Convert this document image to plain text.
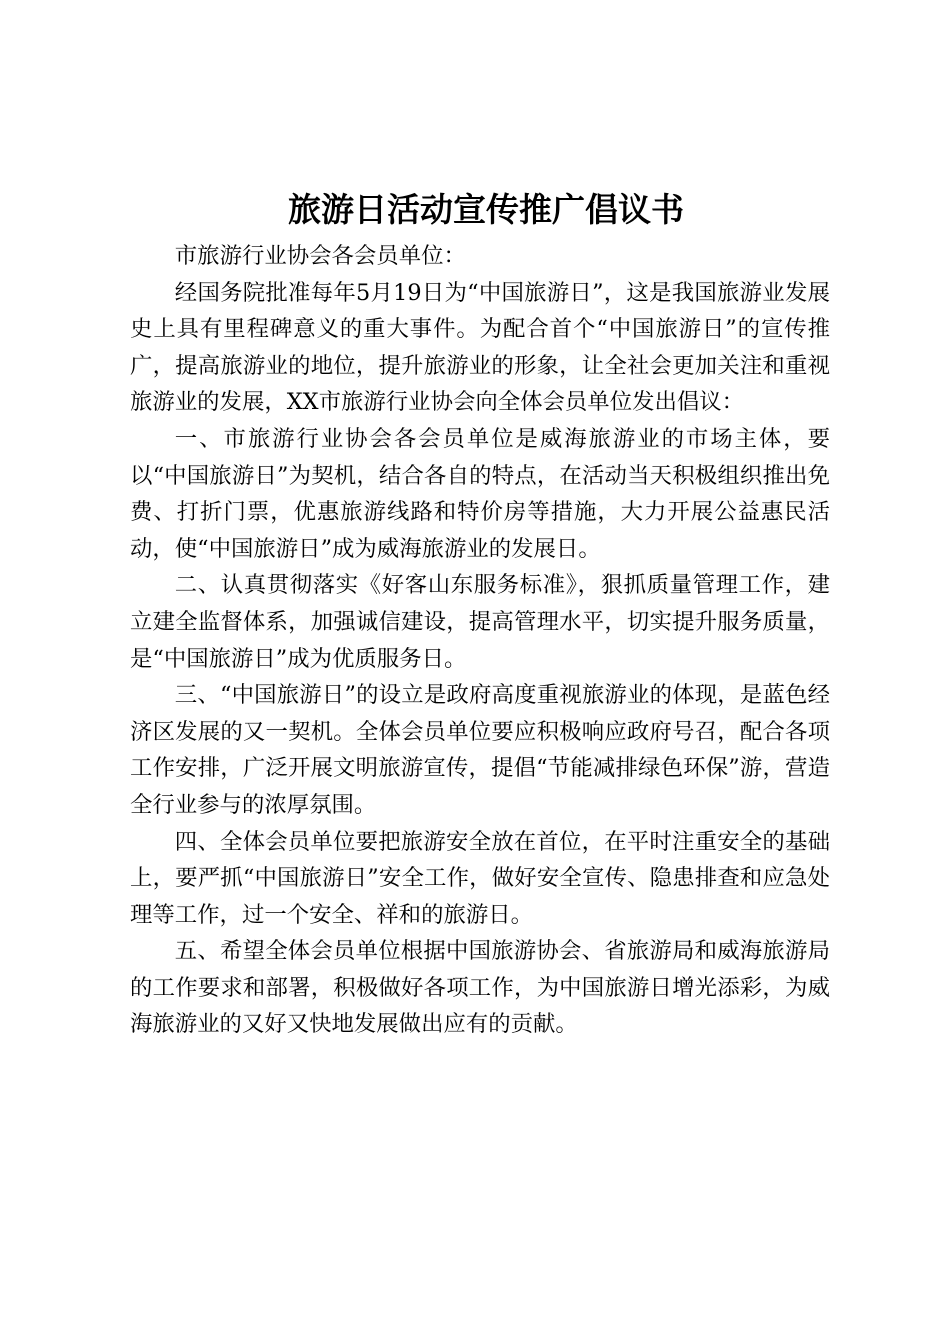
旅游日活动宣传推广倡议书

市旅游行业协会各会员单位：

经国务院批准每年5月19日为“中国旅游日”，这是我国旅游业发展史上具有里程碑意义的重大事件。为配合首个“中国旅游日”的宣传推广，提高旅游业的地位，提升旅游业的形象，让全社会更加关注和重视旅游业的发展，XX市旅游行业协会向全体会员单位发出倡议：

一、市旅游行业协会各会员单位是威海旅游业的市场主体，要以“中国旅游日”为契机，结合各自的特点，在活动当天积极组织推出免费、打折门票，优惠旅游线路和特价房等措施，大力开展公益惠民活动，使“中国旅游日”成为威海旅游业的发展日。

二、认真贯彻落实《好客山东服务标准》，狠抓质量管理工作，建立建全监督体系，加强诚信建设，提高管理水平，切实提升服务质量，是“中国旅游日”成为优质服务日。

三、“中国旅游日”的设立是政府高度重视旅游业的体现，是蓝色经济区发展的又一契机。全体会员单位要应积极响应政府号召，配合各项工作安排，广泛开展文明旅游宣传，提倡“节能减排绿色环保”游，营造全行业参与的浓厚氛围。

四、全体会员单位要把旅游安全放在首位，在平时注重安全的基础上，要严抓“中国旅游日”安全工作，做好安全宣传、隐患排查和应急处理等工作，过一个安全、祥和的旅游日。

五、希望全体会员单位根据中国旅游协会、省旅游局和威海旅游局的工作要求和部署，积极做好各项工作，为中国旅游日增光添彩，为威海旅游业的又好又快地发展做出应有的贡献。
